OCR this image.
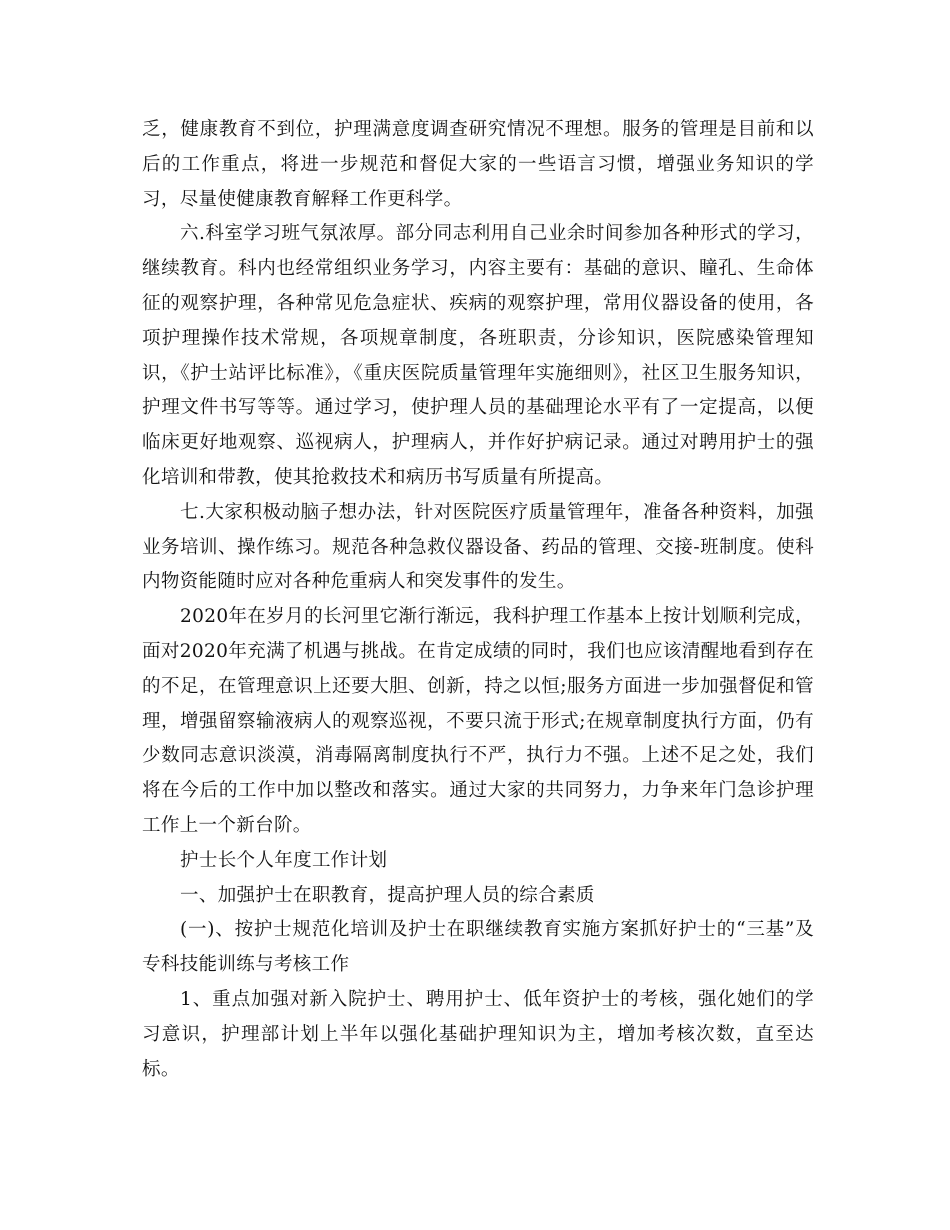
乏，健康教育不到位，护理满意度调查研究情况不理想。服务的管理是目前和以后的工作重点，将进一步规范和督促大家的一些语言习惯，增强业务知识的学习，尽量使健康教育解释工作更科学。

六.科室学习班气氛浓厚。部分同志利用自己业余时间参加各种形式的学习，继续教育。科内也经常组织业务学习，内容主要有：基础的意识、瞳孔、生命体征的观察护理，各种常见危急症状、疾病的观察护理，常用仪器设备的使用，各项护理操作技术常规，各项规章制度，各班职责，分诊知识，医院感染管理知识，《护士站评比标准》，《重庆医院质量管理年实施细则》，社区卫生服务知识，护理文件书写等等。通过学习，使护理人员的基础理论水平有了一定提高，以便临床更好地观察、巡视病人，护理病人，并作好护病记录。通过对聘用护士的强化培训和带教，使其抢救技术和病历书写质量有所提高。

七.大家积极动脑子想办法，针对医院医疗质量管理年，准备各种资料，加强业务培训、操作练习。规范各种急救仪器设备、药品的管理、交接-班制度。使科内物资能随时应对各种危重病人和突发事件的发生。

2020年在岁月的长河里它渐行渐远，我科护理工作基本上按计划顺利完成，面对2020年充满了机遇与挑战。在肯定成绩的同时，我们也应该清醒地看到存在的不足，在管理意识上还要大胆、创新，持之以恒;服务方面进一步加强督促和管理，增强留察输液病人的观察巡视，不要只流于形式;在规章制度执行方面，仍有少数同志意识淡漠，消毒隔离制度执行不严，执行力不强。上述不足之处，我们将在今后的工作中加以整改和落实。通过大家的共同努力，力争来年门急诊护理工作上一个新台阶。

护士长个人年度工作计划

一、加强护士在职教育，提高护理人员的综合素质

(一)、按护士规范化培训及护士在职继续教育实施方案抓好护士的“三基”及专科技能训练与考核工作

1、重点加强对新入院护士、聘用护士、低年资护士的考核，强化她们的学习意识，护理部计划上半年以强化基础护理知识为主，增加考核次数，直至达标。
